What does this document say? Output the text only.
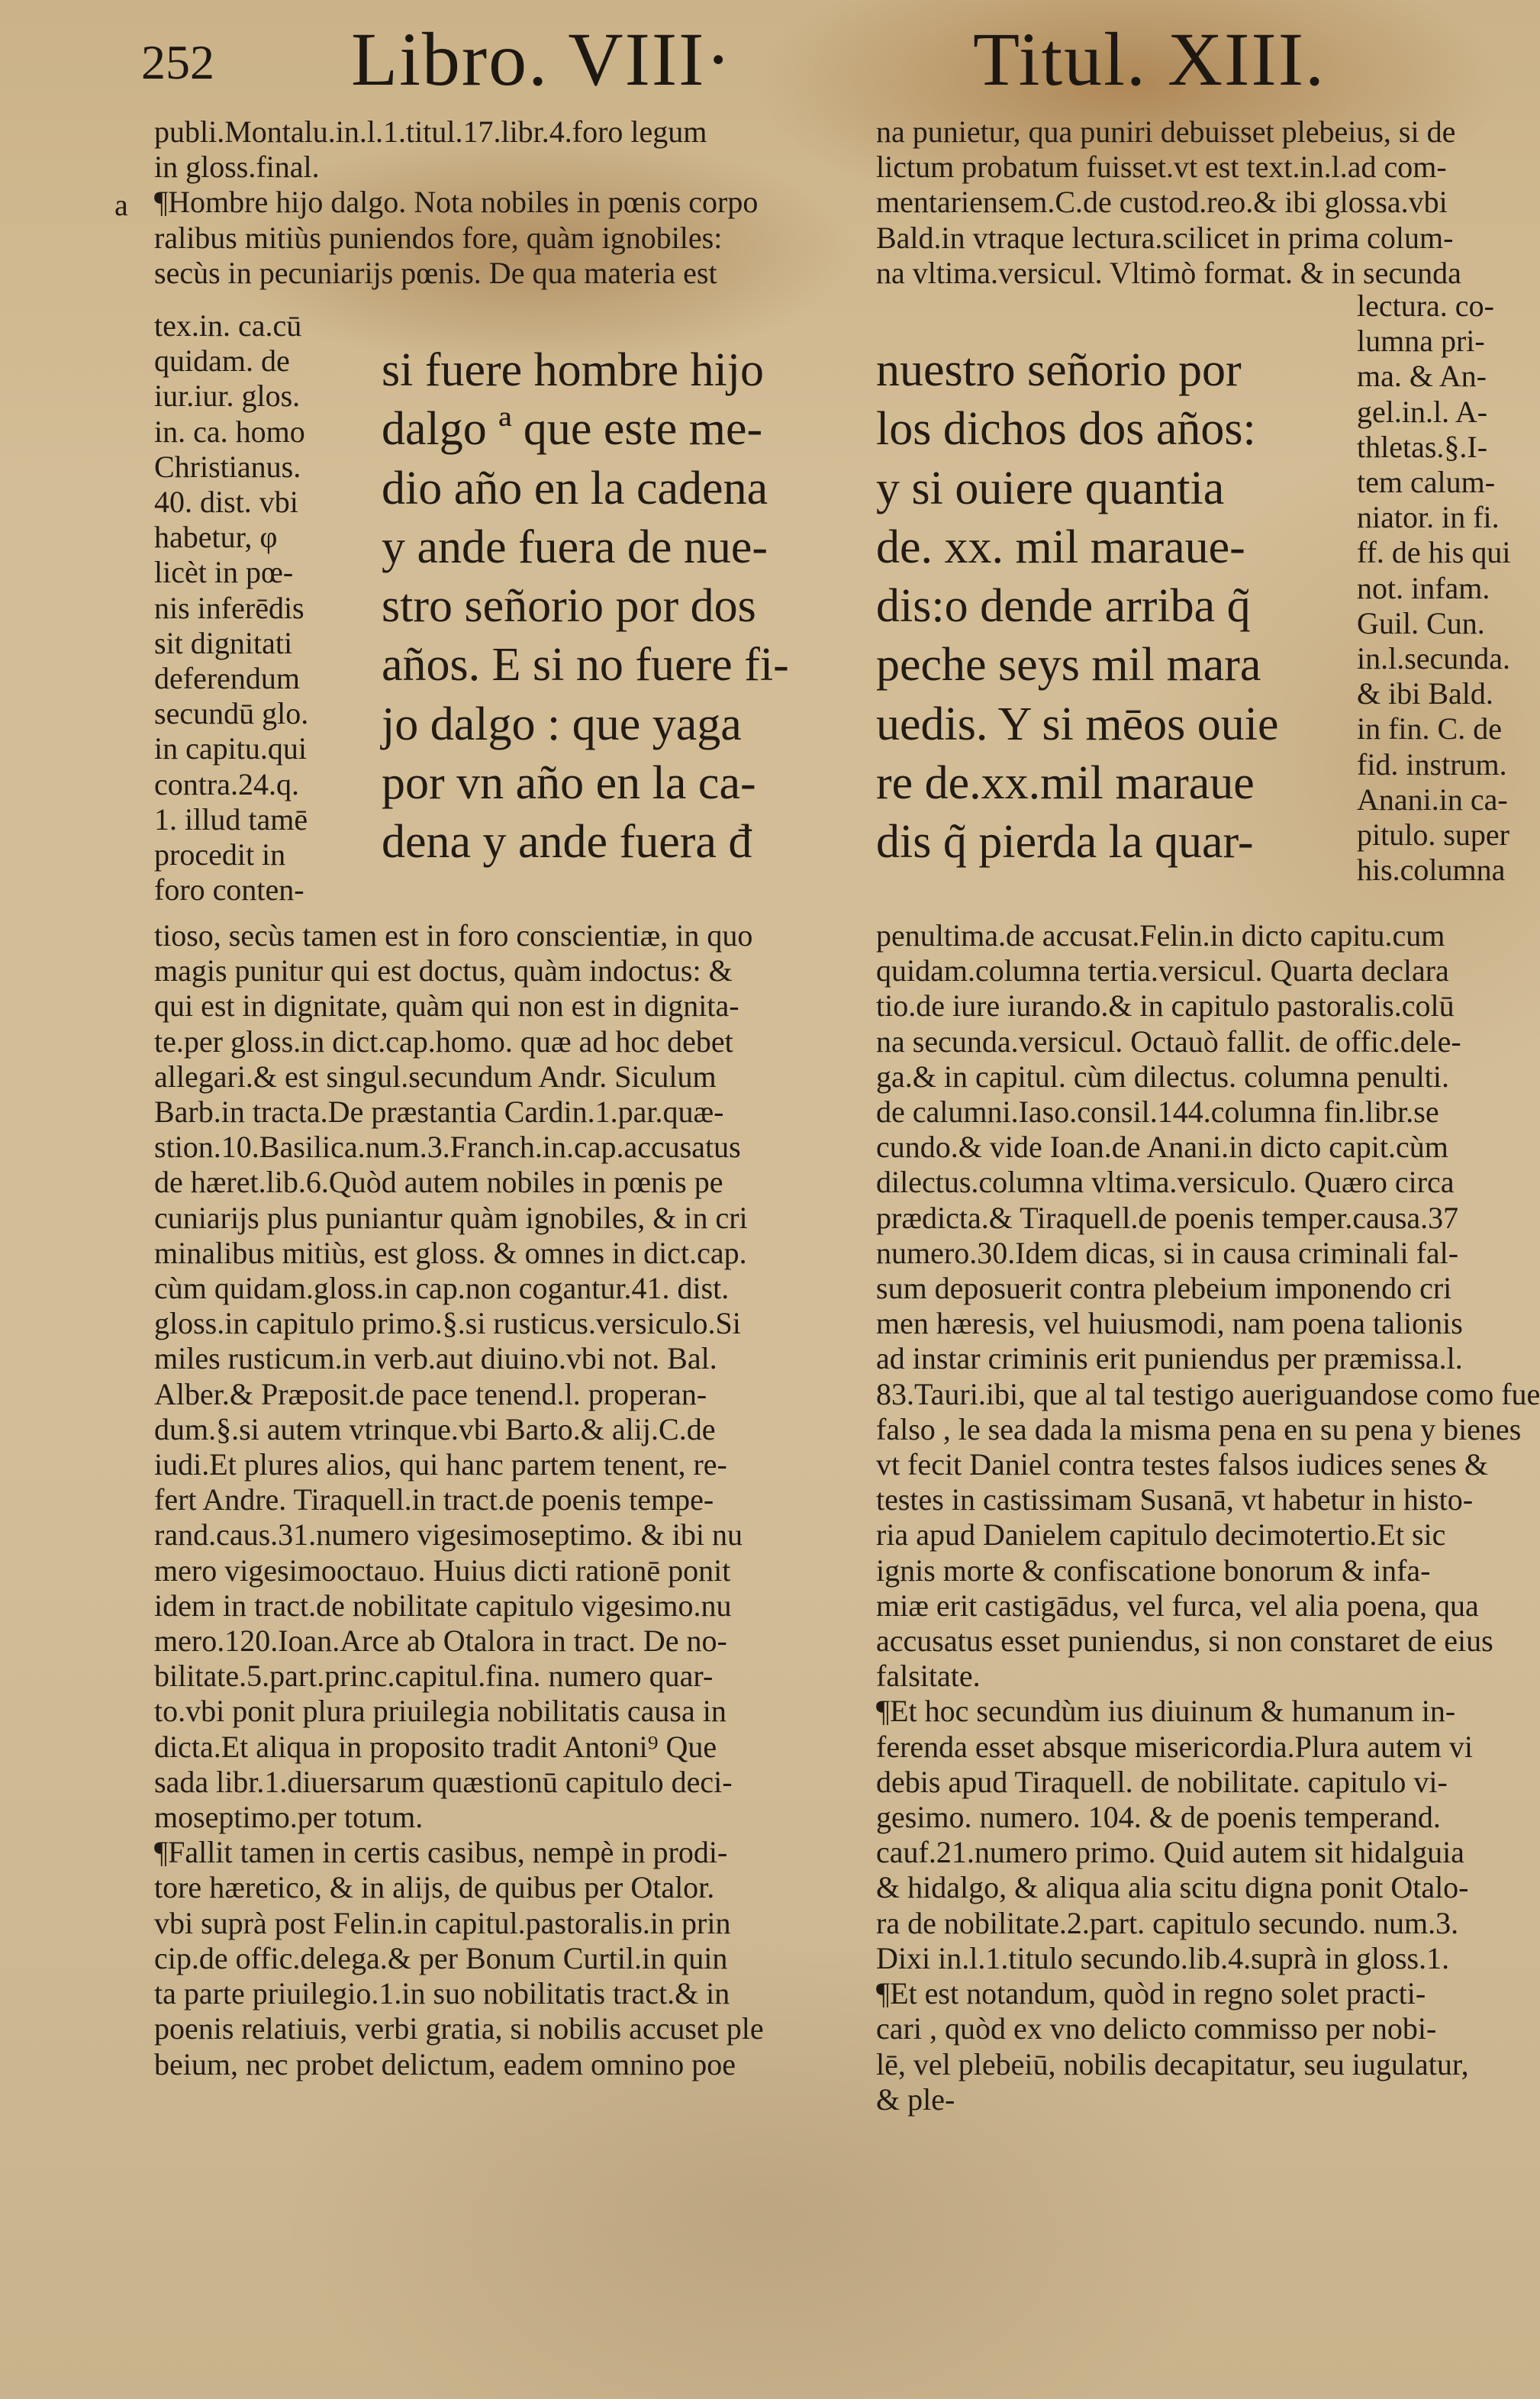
252 Libro. VIII·	Titul. XIII.
a
publi.Montalu.in.l.1.titul.17.libr.4.foro legum
in gloss.final.
¶Hombre hijo dalgo. Nota nobiles in pœnis corpo
ralibus mitiùs puniendos fore, quàm ignobiles:
secùs in pecuniarijs pœnis. De qua materia est
tex.in. ca.cū
quidam. de
iur.iur. glos.
in. ca. homo
Christianus.
40. dist. vbi
habetur, φ
licèt in pœ-
nis inferēdis
sit dignitati
deferendum
secundū glo.
in capitu.qui
contra.24.q.
1. illud tamē
procedit in
foro conten-
si fuere hombre hijo
dalgo ª que este me-
dio año en la cadena
y ande fuera de nue-
stro señorio por dos
años. E si no fuere fi-
jo dalgo : que yaga
por vn año en la ca-
dena y ande fuera đ
tioso, secùs tamen est in foro conscientiæ, in quo
magis punitur qui est doctus, quàm indoctus: &
qui est in dignitate, quàm qui non est in dignita-
te.per gloss.in dict.cap.homo. quæ ad hoc debet
allegari.& est singul.secundum Andr. Siculum
Barb.in tracta.De præstantia Cardin.1.par.quæ-
stion.10.Basilica.num.3.Franch.in.cap.accusatus
de hæret.lib.6.Quòd autem nobiles in pœnis pe
cuniarijs plus puniantur quàm ignobiles, & in cri
minalibus mitiùs, est gloss. & omnes in dict.cap.
cùm quidam.gloss.in cap.non cogantur.41. dist.
gloss.in capitulo primo.§.si rusticus.versiculo.Si
miles rusticum.in verb.aut diuino.vbi not. Bal.
Alber.& Præposit.de pace tenend.l. properan-
dum.§.si autem vtrinque.vbi Barto.& alij.C.de
iudi.Et plures alios, qui hanc partem tenent, re-
fert Andre. Tiraquell.in tract.de poenis tempe-
rand.caus.31.numero vigesimoseptimo. & ibi nu
mero vigesimooctauo. Huius dicti rationē ponit
idem in tract.de nobilitate capitulo vigesimo.nu
mero.120.Ioan.Arce ab Otalora in tract. De no-
bilitate.5.part.princ.capitul.fina. numero quar-
to.vbi ponit plura priuilegia nobilitatis causa in
dicta.Et aliqua in proposito tradit Antoni⁹ Que
sada libr.1.diuersarum quæstionū capitulo deci-
moseptimo.per totum.
¶Fallit tamen in certis casibus, nempè in prodi-
tore hæretico, & in alijs, de quibus per Otalor.
vbi suprà post Felin.in capitul.pastoralis.in prin
cip.de offic.delega.& per Bonum Curtil.in quin
ta parte priuilegio.1.in suo nobilitatis tract.& in
poenis relatiuis, verbi gratia, si nobilis accuset ple
beium, nec probet delictum, eadem omnino poe
na punietur, qua puniri debuisset plebeius, si de
lictum probatum fuisset.vt est text.in.l.ad com-
mentariensem.C.de custod.reo.& ibi glossa.vbi
Bald.in vtraque lectura.scilicet in prima colum-
na vltima.versicul. Vltimò format. & in secunda
nuestro señorio por
los dichos dos años:
y si ouiere quantia
de. xx. mil maraue-
dis:o dende arriba q̃
peche seys mil mara
uedis. Y si mēos ouie
re de.xx.mil maraue
dis q̃ pierda la quar-
lectura. co-
lumna pri-
ma. & An-
gel.in.l. A-
thletas.§.I-
tem calum-
niator. in fi.
ff. de his qui
not. infam.
Guil. Cun.
in.l.secunda.
& ibi Bald.
in fin. C. de
fid. instrum.
Anani.in ca-
pitulo. super
his.columna
penultima.de accusat.Felin.in dicto capitu.cum
quidam.columna tertia.versicul. Quarta declara
tio.de iure iurando.& in capitulo pastoralis.colū
na secunda.versicul. Octauò fallit. de offic.dele-
ga.& in capitul. cùm dilectus. columna penulti.
de calumni.Iaso.consil.144.columna fin.libr.se
cundo.& vide Ioan.de Anani.in dicto capit.cùm
dilectus.columna vltima.versiculo. Quæro circa
prædicta.& Tiraquell.de poenis temper.causa.37
numero.30.Idem dicas, si in causa criminali fal-
sum deposuerit contra plebeium imponendo cri
men hæresis, vel huiusmodi, nam poena talionis
ad instar criminis erit puniendus per præmissa.l.
83.Tauri.ibi, que al tal testigo aueriguandose como fue
falso , le sea dada la misma pena en su pena y bienes
vt fecit Daniel contra testes falsos iudices senes &
testes in castissimam Susanā, vt habetur in histo-
ria apud Danielem capitulo decimotertio.Et sic
ignis morte & confiscatione bonorum & infa-
miæ erit castigādus, vel furca, vel alia poena, qua
accusatus esset puniendus, si non constaret de eius
falsitate.
¶Et hoc secundùm ius diuinum & humanum in-
ferenda esset absque misericordia.Plura autem vi
debis apud Tiraquell. de nobilitate. capitulo vi-
gesimo. numero. 104. & de poenis temperand.
cauf.21.numero primo. Quid autem sit hidalguia
& hidalgo, & aliqua alia scitu digna ponit Otalo-
ra de nobilitate.2.part. capitulo secundo. num.3.
Dixi in.l.1.titulo secundo.lib.4.suprà in gloss.1.
¶Et est notandum, quòd in regno solet practi-
cari , quòd ex vno delicto commisso per nobi-
lē, vel plebeiū, nobilis decapitatur, seu iugulatur,
& ple-
